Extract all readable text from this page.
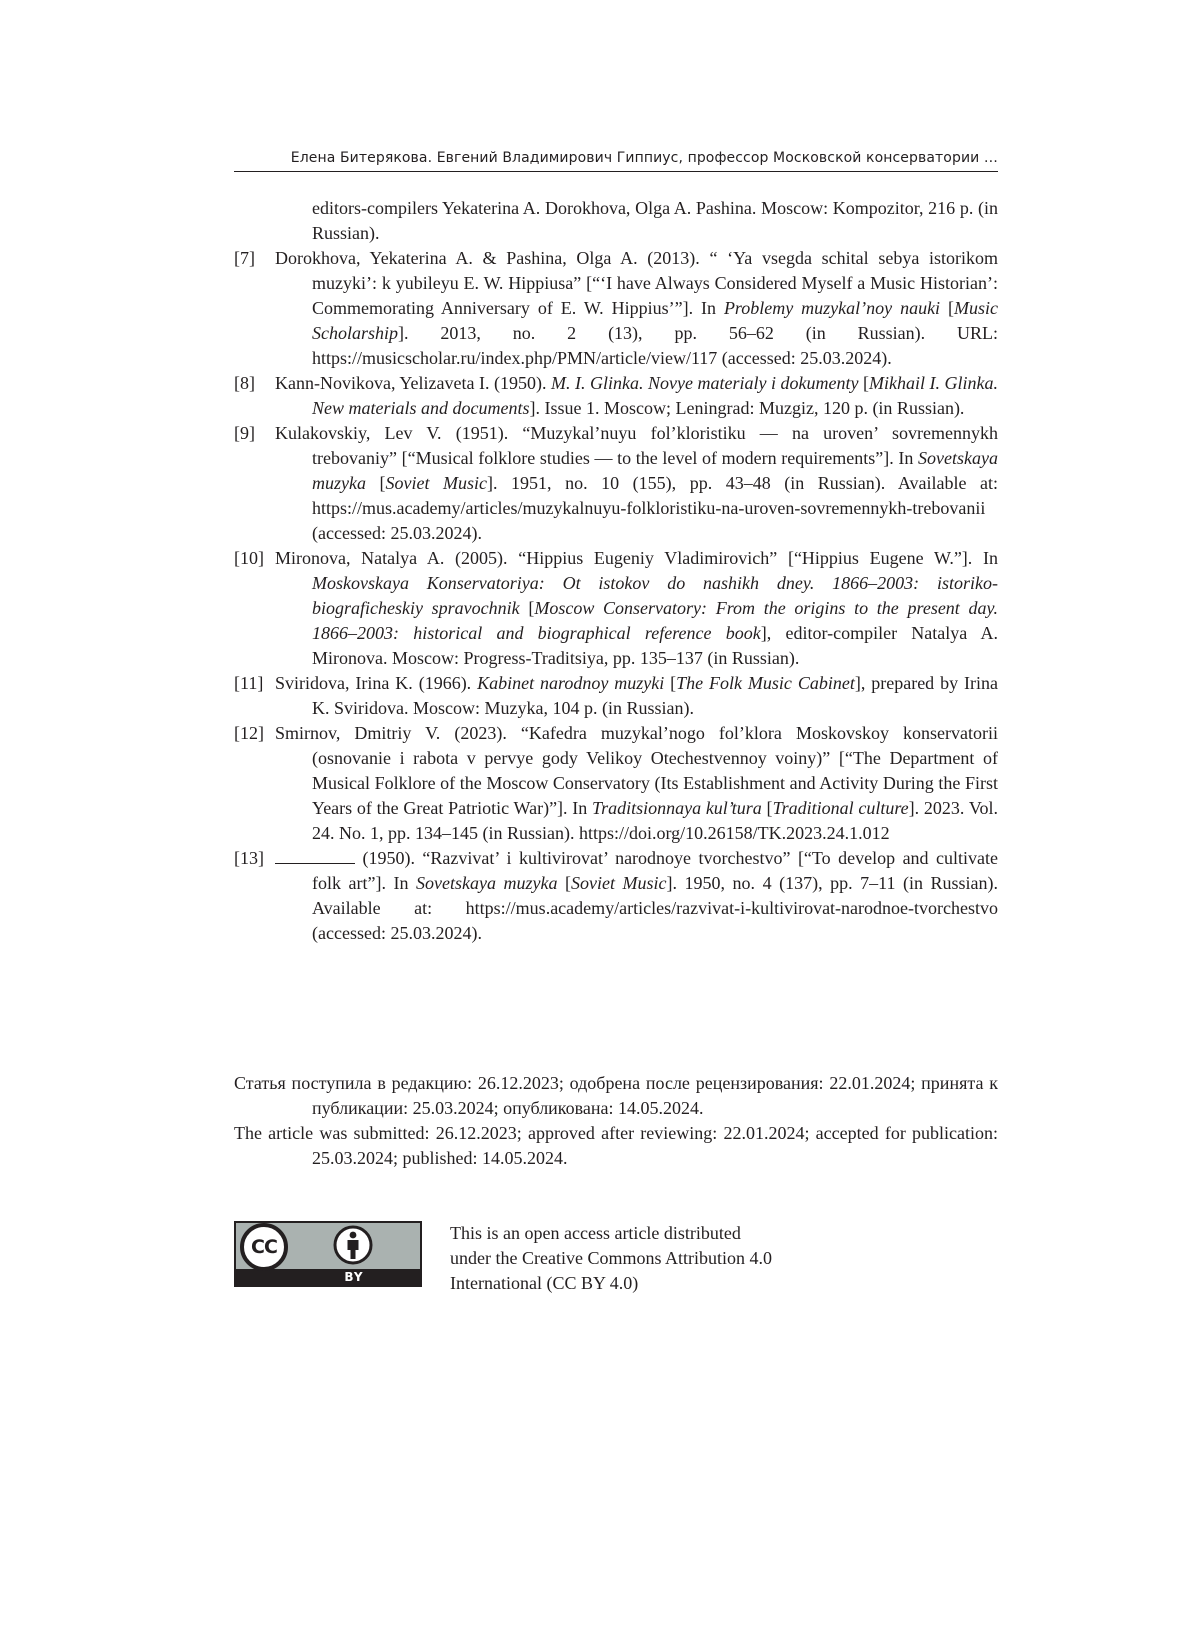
Елена Битерякова. Евгений Владимирович Гиппиус, профессор Московской консерватории …

editors-compilers Yekaterina A. Dorokhova, Olga A. Pashina. Moscow: Kompozitor, 216 p. (in Russian).

[7] Dorokhova, Yekaterina A. & Pashina, Olga A. (2013). “ ‘Ya vsegda schital sebya istorikom muzyki’: k yubileyu E. W. Hippiusa” [“‘I have Always Considered Myself a Music Historian’: Commemorating Anniversary of E. W. Hippius’”]. In Problemy muzykal’noy nauki [Music Scholarship]. 2013, no. 2 (13), pp. 56–62 (in Russian). URL: https://musicscholar.ru/index.php/PMN/article/view/117 (accessed: 25.03.2024).

[8] Kann-Novikova, Yelizaveta I. (1950). M. I. Glinka. Novye materialy i dokumenty [Mikhail I. Glinka. New materials and documents]. Issue 1. Moscow; Leningrad: Muzgiz, 120 p. (in Russian).

[9] Kulakovskiy, Lev V. (1951). “Muzykal’nuyu fol’kloristiku — na uroven’ sovremennykh trebovaniy” [“Musical folklore studies — to the level of modern requirements”]. In Sovetskaya muzyka [Soviet Music]. 1951, no. 10 (155), pp. 43–48 (in Russian). Available at: https://mus.academy/articles/muzykalnuyu-folkloristiku-na-uroven-sovremennykh-trebovanii (accessed: 25.03.2024).

[10] Mironova, Natalya A. (2005). “Hippius Eugeniy Vladimirovich” [“Hippius Eugene W.”]. In Moskovskaya Konservatoriya: Ot istokov do nashikh dney. 1866–2003: istoriko-biograficheskiy spravochnik [Moscow Conservatory: From the origins to the present day. 1866–2003: historical and biographical reference book], editor-compiler Natalya A. Mironova. Moscow: Progress-Traditsiya, pp. 135–137 (in Russian).

[11] Sviridova, Irina K. (1966). Kabinet narodnoy muzyki [The Folk Music Cabinet], prepared by Irina K. Sviridova. Moscow: Muzyka, 104 p. (in Russian).

[12] Smirnov, Dmitriy V. (2023). “Kafedra muzykal’nogo fol’klora Moskovskoy konservatorii (osnovanie i rabota v pervye gody Velikoy Otechestvennoy voiny)” [“The Department of Musical Folklore of the Moscow Conservatory (Its Establishment and Activity During the First Years of the Great Patriotic War)”]. In Traditsionnaya kul’tura [Traditional culture]. 2023. Vol. 24. No. 1, pp. 134–145 (in Russian). https://doi.org/10.26158/TK.2023.24.1.012

[13]	(1950). “Razvivat’ i kultivirovat’ narodnoye tvorchestvo” [“To develop and cultivate folk art”]. In Sovetskaya muzyka [Soviet Music]. 1950, no. 4 (137), pp. 7–11 (in Russian). Available at: https://mus.academy/articles/razvivat-i-kultivirovat-narodnoe-tvorchestvo (accessed: 25.03.2024).

Статья поступила в редакцию: 26.12.2023; одобрена после рецензирования: 22.01.2024; принята к публикации: 25.03.2024; опубликована: 14.05.2024.

The article was submitted: 26.12.2023; approved after reviewing: 22.01.2024; accepted for publication: 25.03.2024; published: 14.05.2024.

CC
BY
This is an open access article distributed
under the Creative Commons Attribution 4.0
International (CC BY 4.0)
